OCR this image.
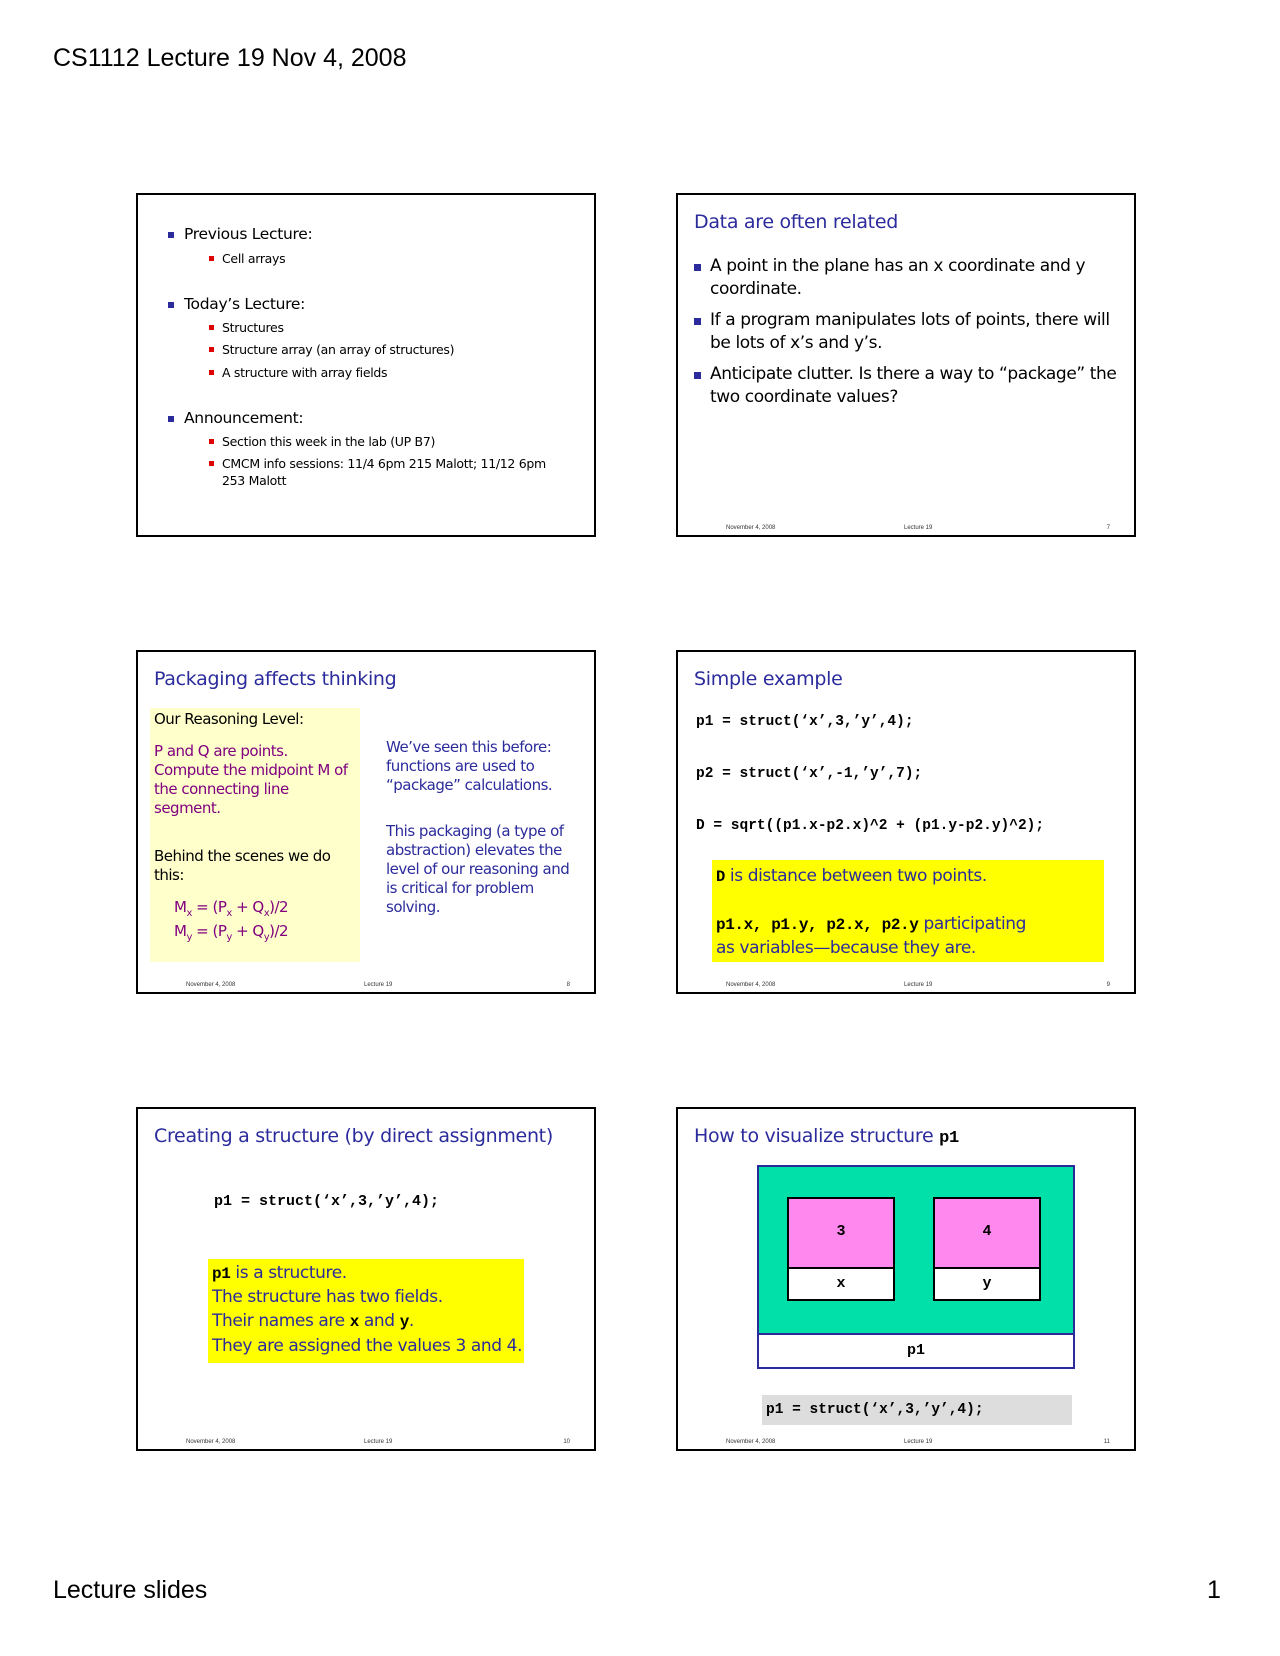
CS1112 Lecture 19 Nov 4, 2008
Previous Lecture:
Cell arrays
Today’s Lecture:
Structures
Structure array (an array of structures)
A structure with array fields
Announcement:
Section this week in the lab (UP B7)
CMCM info sessions: 11/4 6pm 215 Malott; 11/12 6pm 253 Malott
Data are often related
A point in the plane has an x coordinate and y coordinate.
If a program manipulates lots of points, there will be lots of x’s and y’s.
Anticipate clutter. Is there a way to “package” the two coordinate values?
November 4, 2008	Lecture 19	7
Packaging affects thinking
Our Reasoning Level:
P and Q are points. Compute the midpoint M of the connecting line segment.
Behind the scenes we do this:
$M_x = (P_x + Q_x)/2$
$M_y = (P_y + Q_y)/2$
We’ve seen this before: functions are used to “package” calculations.
This packaging (a type of abstraction) elevates the level of our reasoning and is critical for problem solving.
November 4, 2008	Lecture 19	8
Simple example
p1 = struct(‘x’,3,’y’,4);
p2 = struct(‘x’,-1,’y’,7);
D = sqrt((p1.x-p2.x)^2 + (p1.y-p2.y)^2);
D is distance between two points.
p1.x, p1.y, p2.x, p2.y participating
as variables—because they are.
November 4, 2008	Lecture 19	9
Creating a structure (by direct assignment)
p1 = struct(‘x’,3,’y’,4);
p1 is a structure.
The structure has two fields.
Their names are x and y.
They are assigned the values 3 and 4.
November 4, 2008	Lecture 19	10
How to visualize structure p1
3
x
4
y
p1
p1 = struct(‘x’,3,’y’,4);
November 4, 2008	Lecture 19	11
Lecture slides	1
